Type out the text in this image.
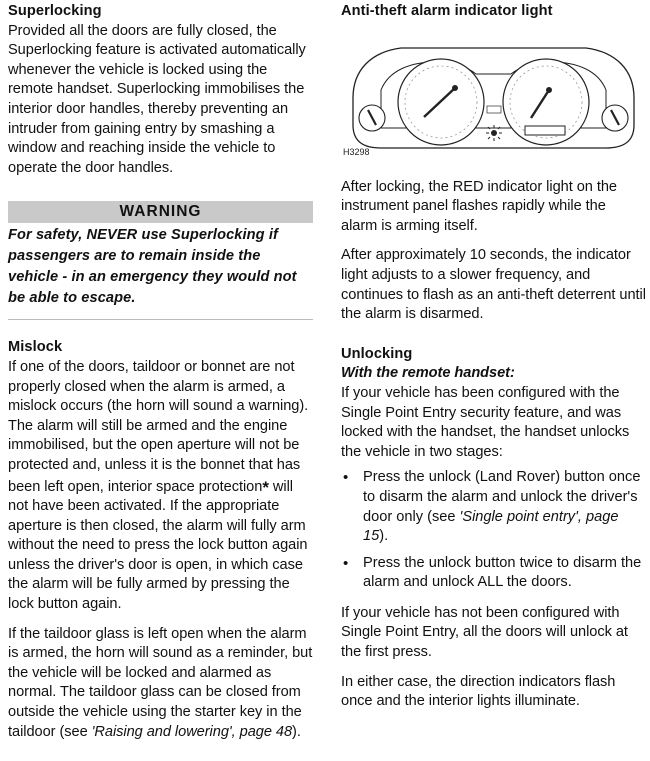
Superlocking

Provided all the doors are fully closed, the Superlocking feature is activated automatically whenever the vehicle is locked using the remote handset. Superlocking immobilises the interior door handles, thereby preventing an intruder from gaining entry by smashing a window and reaching inside the vehicle to operate the door handles.

WARNING

For safety, NEVER use Superlocking if passengers are to remain inside the vehicle - in an emergency they would not be able to escape.

Mislock

If one of the doors, taildoor or bonnet are not properly closed when the alarm is armed, a mislock occurs (the horn will sound a warning). The alarm will still be armed and the engine immobilised, but the open aperture will not be protected and, unless it is the bonnet that has been left open, interior space protection* will not have been activated. If the appropriate aperture is then closed, the alarm will fully arm without the need to press the lock button again unless the driver's door is open, in which case the alarm will be fully armed by pressing the lock button again.

If the taildoor glass is left open when the alarm is armed, the horn will sound as a reminder, but the vehicle will be locked and alarmed as normal. The taildoor glass can be closed from outside the vehicle using the starter key in the taildoor (see 'Raising and lowering', page 48).

Anti-theft alarm indicator light
H3298

After locking, the RED indicator light on the instrument panel flashes rapidly while the alarm is arming itself.

After approximately 10 seconds, the indicator light adjusts to a slower frequency, and continues to flash as an anti-theft deterrent until the alarm is disarmed.

Unlocking

With the remote handset:

If your vehicle has been configured with the Single Point Entry security feature, and was locked with the handset, the handset unlocks the vehicle in two stages:

• Press the unlock (Land Rover) button once to disarm the alarm and unlock the driver's door only (see 'Single point entry', page 15).
• Press the unlock button twice to disarm the alarm and unlock ALL the doors.

If your vehicle has not been configured with Single Point Entry, all the doors will unlock at the first press.

In either case, the direction indicators flash once and the interior lights illuminate.
